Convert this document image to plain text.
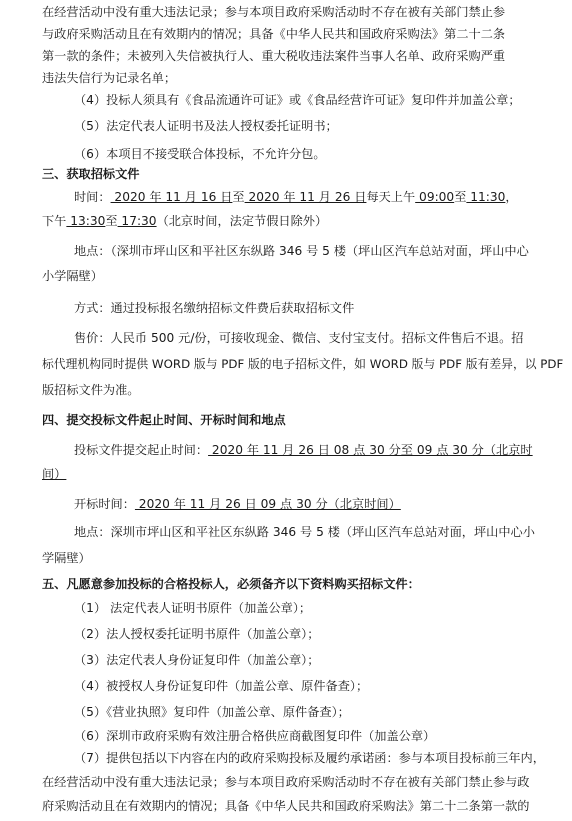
在经营活动中没有重大违法记录；参与本项目政府采购活动时不存在被有关部门禁止参
与政府采购活动且在有效期内的情况；具备《中华人民共和国政府采购法》第二十二条
第一款的条件；未被列入失信被执行人、重大税收违法案件当事人名单、政府采购严重
违法失信行为记录名单；
（4）投标人须具有《食品流通许可证》或《食品经营许可证》复印件并加盖公章；
（5）法定代表人证明书及法人授权委托证明书；
（6）本项目不接受联合体投标，不允许分包。
三、获取招标文件
时间： 2020 年 11 月 16 日至 2020 年 11 月 26 日每天上午 09:00至 11:30，
下午 13:30至 17:30（北京时间，法定节假日除外）
地点：（深圳市坪山区和平社区东纵路 346 号 5 楼（坪山区汽车总站对面，坪山中心
小学隔壁）
方式：通过投标报名缴纳招标文件费后获取招标文件
售价：人民币 500 元/份，可接收现金、微信、支付宝支付。招标文件售后不退。招
标代理机构同时提供 WORD 版与 PDF 版的电子招标文件，如 WORD 版与 PDF 版有差异，以 PDF
版招标文件为准。
四、提交投标文件起止时间、开标时间和地点
投标文件提交起止时间： 2020 年 11 月 26 日 08 点 30 分至 09 点 30 分（北京时
间）
开标时间： 2020 年 11 月 26 日 09 点 30 分（北京时间）
地点：深圳市坪山区和平社区东纵路 346 号 5 楼（坪山区汽车总站对面，坪山中心小
学隔壁）
五、凡愿意参加投标的合格投标人，必须备齐以下资料购买招标文件：
（1） 法定代表人证明书原件（加盖公章）；
（2）法人授权委托证明书原件（加盖公章）；
（3）法定代表人身份证复印件（加盖公章）；
（4）被授权人身份证复印件（加盖公章、原件备查）；
（5）《营业执照》复印件（加盖公章、原件备查）；
（6）深圳市政府采购有效注册合格供应商截图复印件（加盖公章）
（7）提供包括以下内容在内的政府采购投标及履约承诺函：参与本项目投标前三年内，
在经营活动中没有重大违法记录；参与本项目政府采购活动时不存在被有关部门禁止参与政
府采购活动且在有效期内的情况；具备《中华人民共和国政府采购法》第二十二条第一款的
